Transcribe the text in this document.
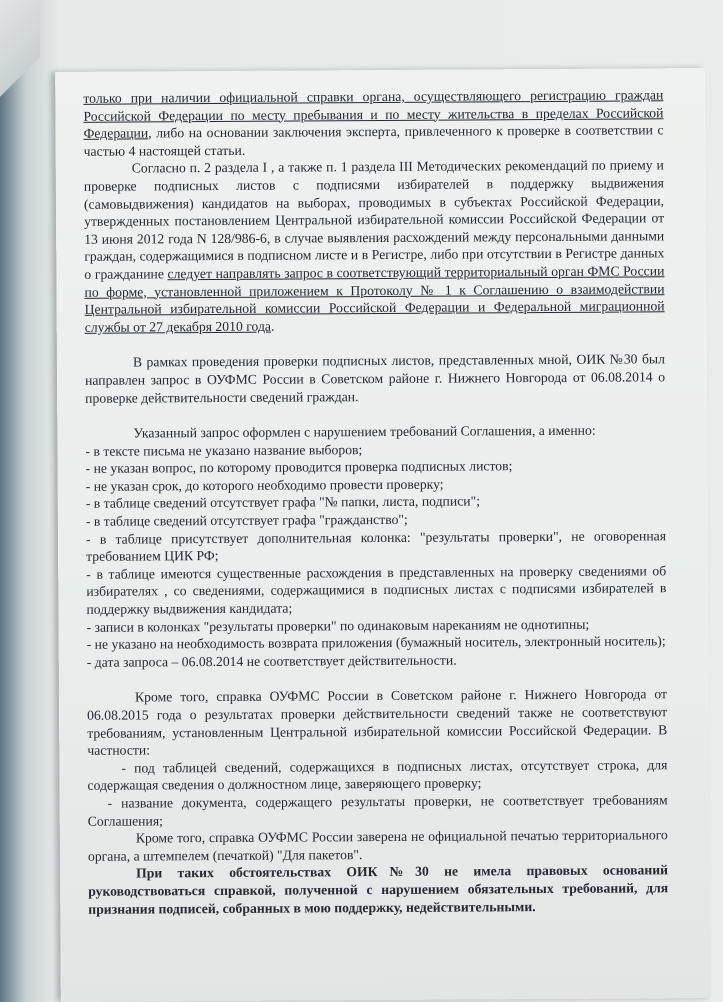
только при наличии официальной справки органа, осуществляющего регистрацию граждан Российской Федерации по месту пребывания и по месту жительства в пределах Российской Федерации, либо на основании заключения эксперта, привлеченного к проверке в соответствии с частью 4 настоящей статьи.

Согласно п. 2 раздела I , а также п. 1 раздела III Методических рекомендаций по приему и проверке подписных листов с подписями избирателей в поддержку выдвижения (самовыдвижения) кандидатов на выборах, проводимых в субъектах Российской Федерации, утвержденных постановлением Центральной избирательной комиссии Российской Федерации от 13 июня 2012 года N 128/986-6, в случае выявления расхождений между персональными данными граждан, содержащимися в подписном листе и в Регистре, либо при отсутствии в Регистре данных о гражданине следует направлять запрос в соответствующий территориальный орган ФМС России по форме, установленной приложением к Протоколу № 1 к Соглашению о взаимодействии Центральной избирательной комиссии Российской Федерации и Федеральной миграционной службы от 27 декабря 2010 года.

В рамках проведения проверки подписных листов, представленных мной, ОИК №30 был направлен запрос в ОУФМС России в Советском районе г. Нижнего Новгорода от 06.08.2014 о проверке действительности сведений граждан.

Указанный запрос оформлен с нарушением требований Соглашения, а именно:

- в тексте письма не указано название выборов;

- не указан вопрос, по которому проводится проверка подписных листов;

- не указан срок, до которого необходимо провести проверку;

- в таблице сведений отсутствует графа "№ папки, листа, подписи";

- в таблице сведений отсутствует графа "гражданство";

- в таблице присутствует дополнительная колонка: "результаты проверки", не оговоренная требованием ЦИК РФ;

- в таблице имеются существенные расхождения в представленных на проверку сведениями об избирателях , со сведениями, содержащимися в подписных листах с подписями избирателей в поддержку выдвижения кандидата;

- записи в колонках "результаты проверки" по одинаковым нареканиям не однотипны;

- не указано на необходимость возврата приложения (бумажный носитель, электронный носитель);

- дата запроса – 06.08.2014 не соответствует действительности.

Кроме того, справка ОУФМС России в Советском районе г. Нижнего Новгорода от 06.08.2015 года о результатах проверки действительности сведений также не соответствуют требованиям, установленным Центральной избирательной комиссии Российской Федерации. В частности:

- под таблицей сведений, содержащихся в подписных листах, отсутствует строка, для содержащая сведения о должностном лице, заверяющего проверку;

- название документа, содержащего результаты проверки, не соответствует требованиям Соглашения;

Кроме того, справка ОУФМС России заверена не официальной печатью территориального органа, а штемпелем (печаткой) "Для пакетов".

При таких обстоятельствах ОИК№30 не имела правовых оснований руководствоваться справкой, полученной с нарушением обязательных требований, для признания подписей, собранных в мою поддержку, недействительными.
